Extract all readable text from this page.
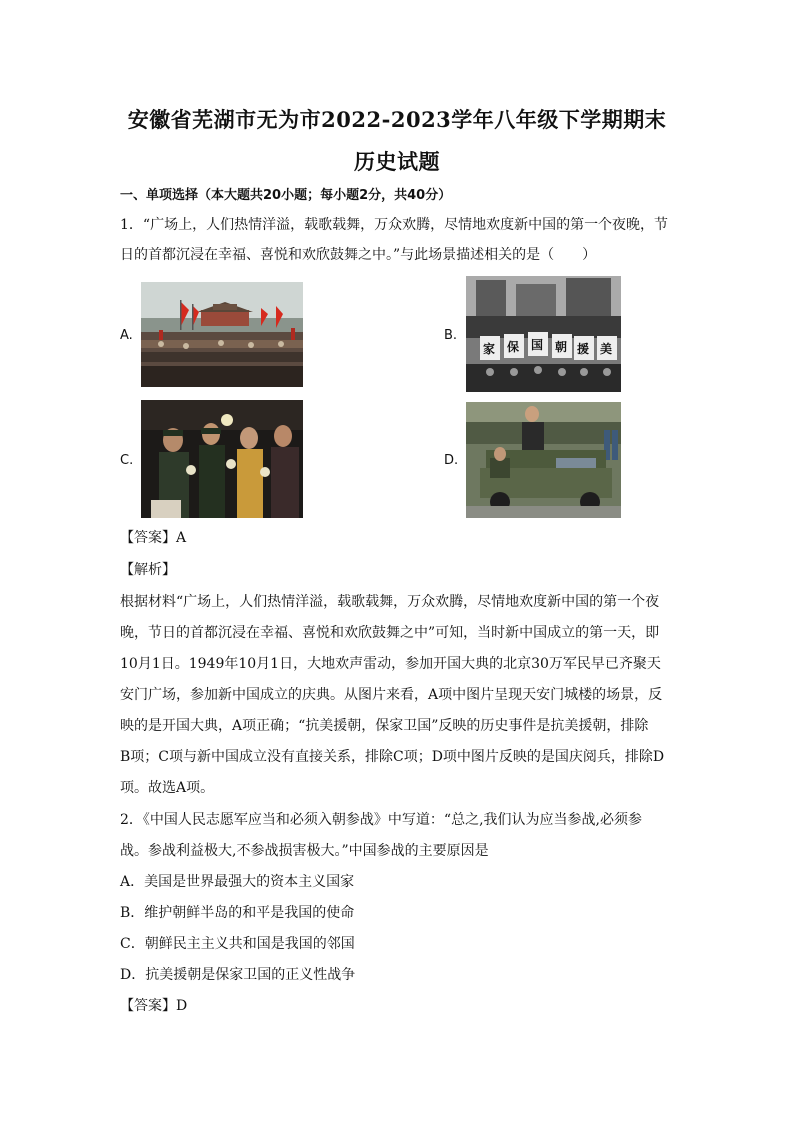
安徽省芜湖市无为市2022-2023学年八年级下学期期末
历史试题
一、单项选择（本大题共20小题；每小题2分，共40分）
1．“广场上，人们热情洋溢，载歌载舞，万众欢腾，尽情地欢度新中国的第一个夜晚，节
日的首都沉浸在幸福、喜悦和欢欣鼓舞之中。”与此场景描述相关的是（　　）
A.	B.
家 保 国 朝 援 美
C.	D.
【答案】A
【解析】
根据材料“广场上，人们热情洋溢，载歌载舞，万众欢腾，尽情地欢度新中国的第一个夜
晚，节日的首都沉浸在幸福、喜悦和欢欣鼓舞之中”可知，当时新中国成立的第一天，即
10月1日。1949年10月1日，大地欢声雷动，参加开国大典的北京30万军民早已齐聚天
安门广场，参加新中国成立的庆典。从图片来看，A项中图片呈现天安门城楼的场景，反
映的是开国大典，A项正确；“抗美援朝，保家卫国”反映的历史事件是抗美援朝，排除
B项；C项与新中国成立没有直接关系，排除C项；D项中图片反映的是国庆阅兵，排除D
项。故选A项。
2．《中国人民志愿军应当和必须入朝参战》中写道：“总之,我们认为应当参战,必须参
战。参战利益极大,不参战损害极大。”中国参战的主要原因是
A．美国是世界最强大的资本主义国家
B．维护朝鲜半岛的和平是我国的使命
C．朝鲜民主主义共和国是我国的邻国
D．抗美援朝是保家卫国的正义性战争
【答案】D
